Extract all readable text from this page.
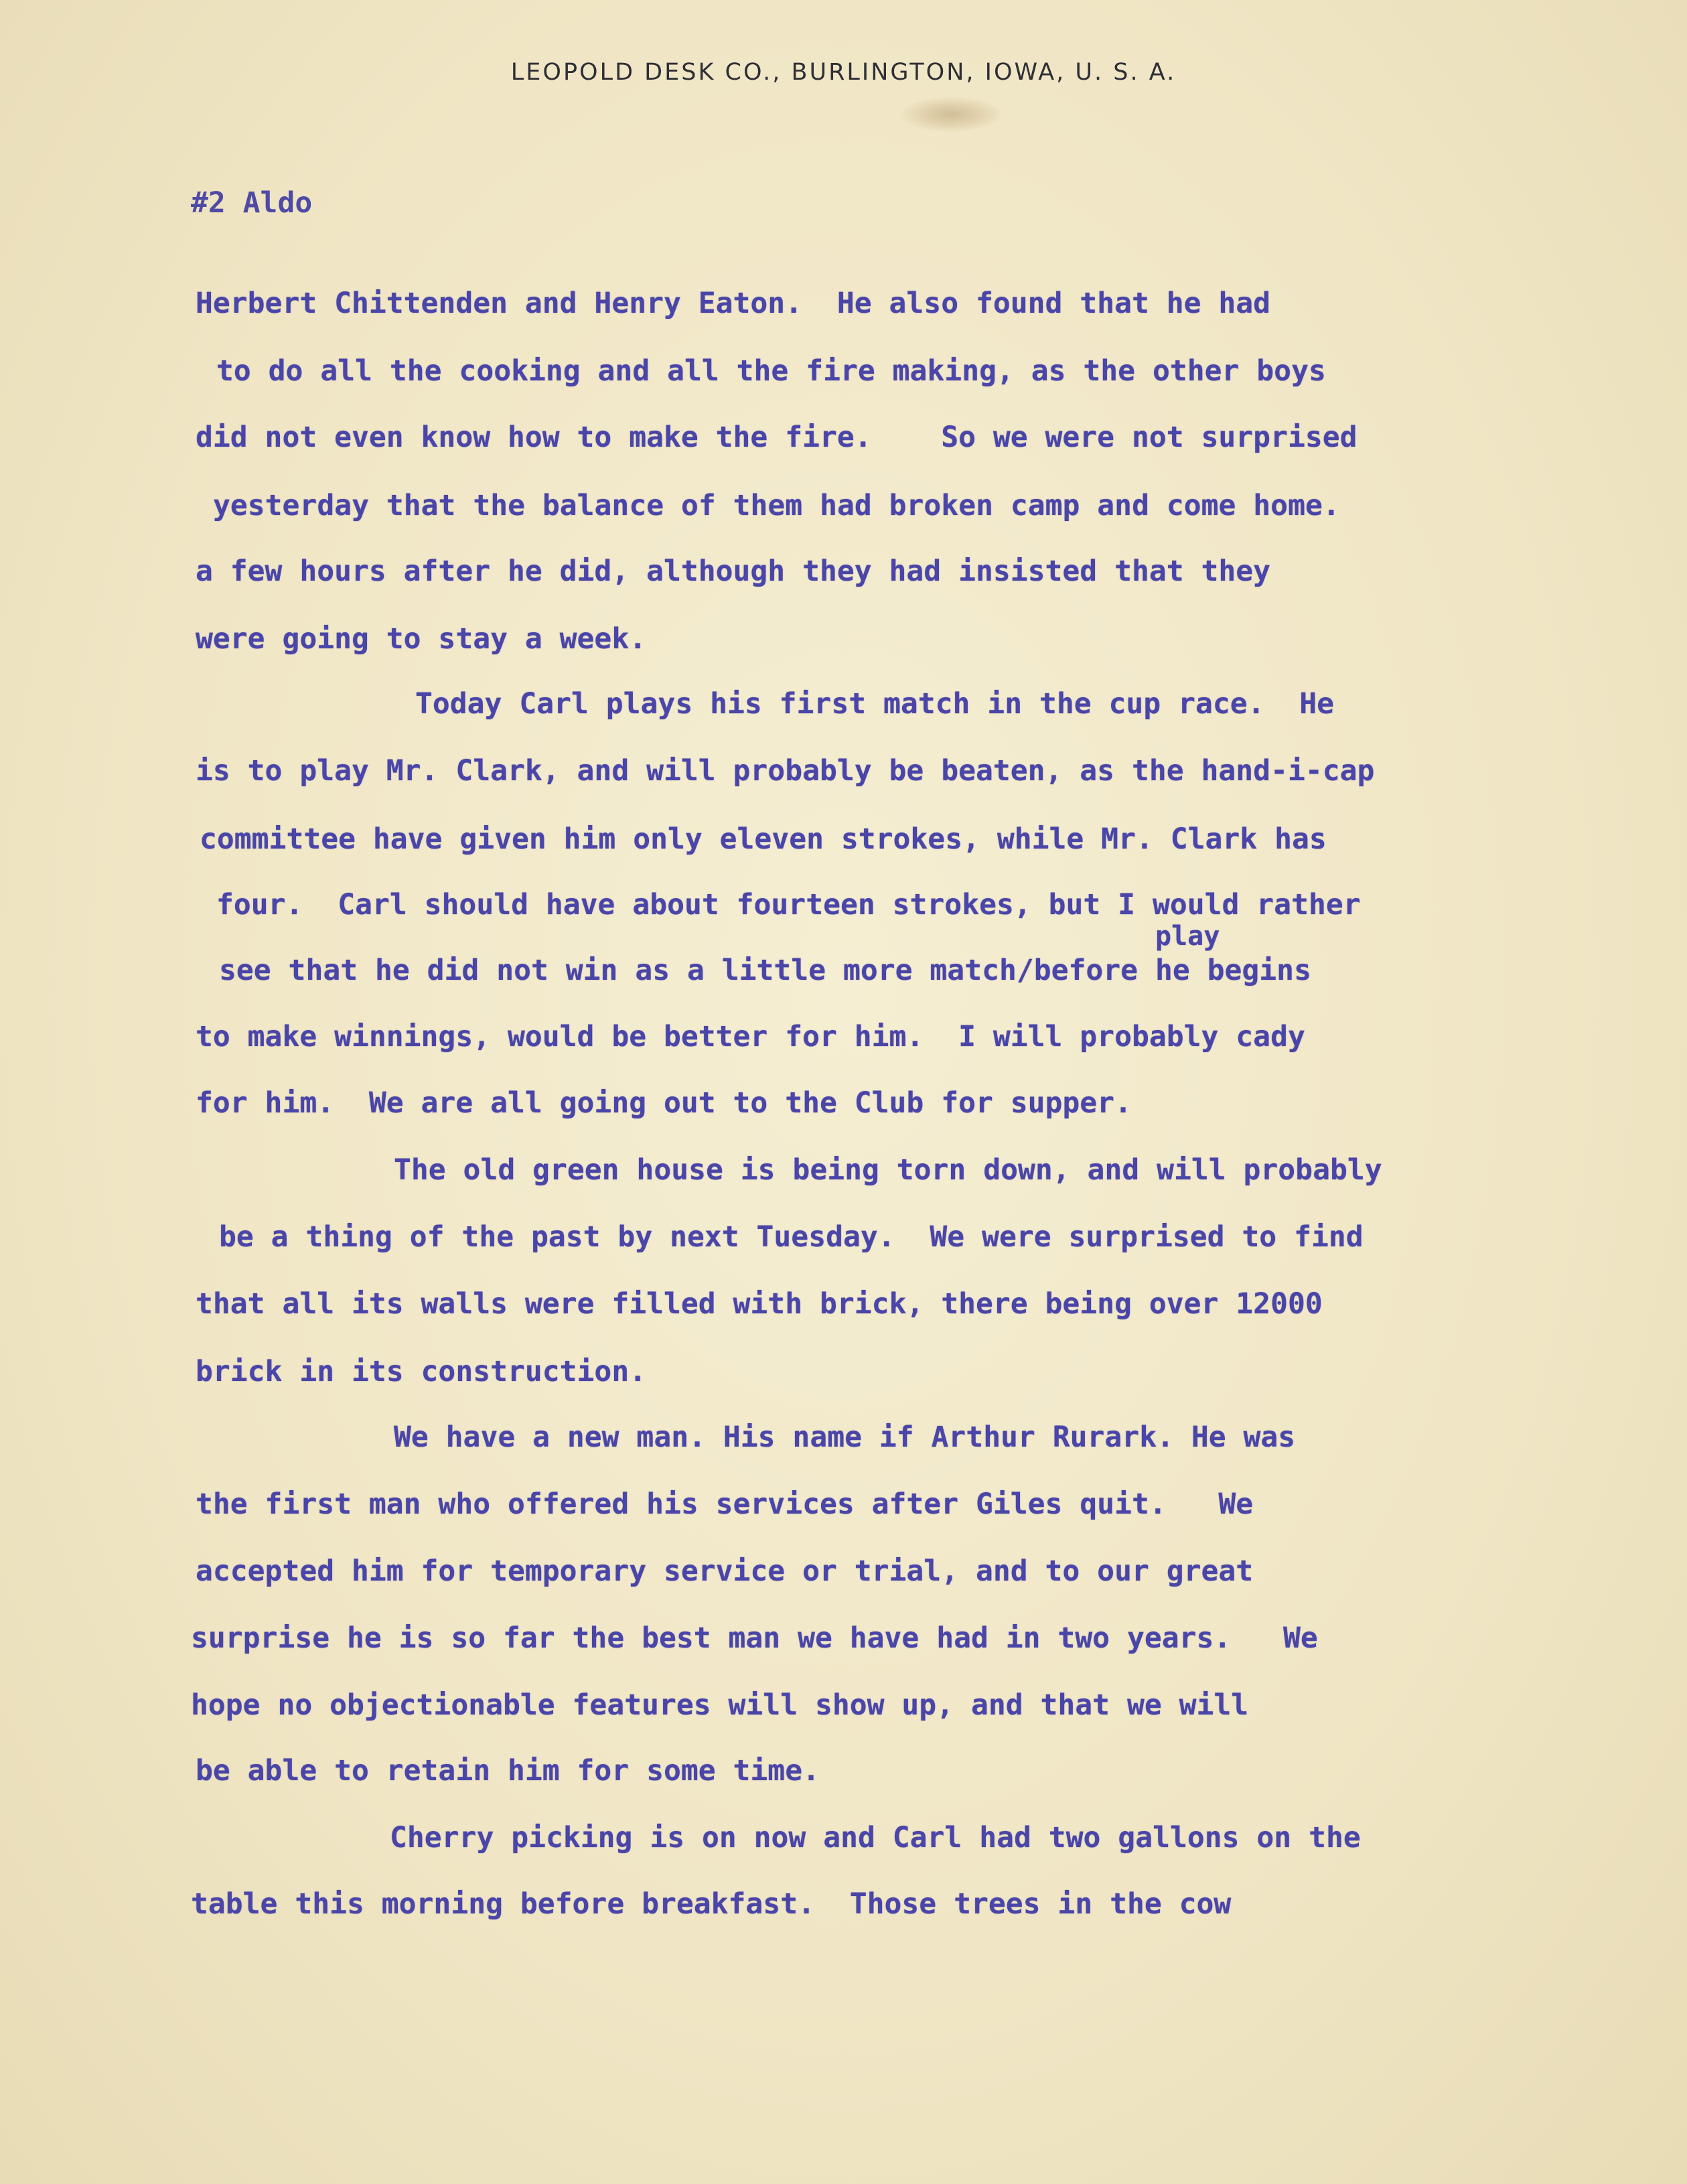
LEOPOLD DESK CO., BURLINGTON, IOWA, U. S. A.
#2 Aldo
Herbert Chittenden and Henry Eaton.  He also found that he had
to do all the cooking and all the fire making, as the other boys
did not even know how to make the fire.    So we were not surprised
yesterday that the balance of them had broken camp and come home.
a few hours after he did, although they had insisted that they
were going to stay a week.
Today Carl plays his first match in the cup race.  He
is to play Mr. Clark, and will probably be beaten, as the hand-i-cap
committee have given him only eleven strokes, while Mr. Clark has
four.  Carl should have about fourteen strokes, but I would rather
play
see that he did not win as a little more match/before he begins
to make winnings, would be better for him.  I will probably cady
for him.  We are all going out to the Club for supper.
The old green house is being torn down, and will probably
be a thing of the past by next Tuesday.  We were surprised to find
that all its walls were filled with brick, there being over 12000
brick in its construction.
We have a new man. His name if Arthur Rurark. He was
the first man who offered his services after Giles quit.   We
accepted him for temporary service or trial, and to our great
surprise he is so far the best man we have had in two years.   We
hope no objectionable features will show up, and that we will
be able to retain him for some time.
Cherry picking is on now and Carl had two gallons on the
table this morning before breakfast.  Those trees in the cow
